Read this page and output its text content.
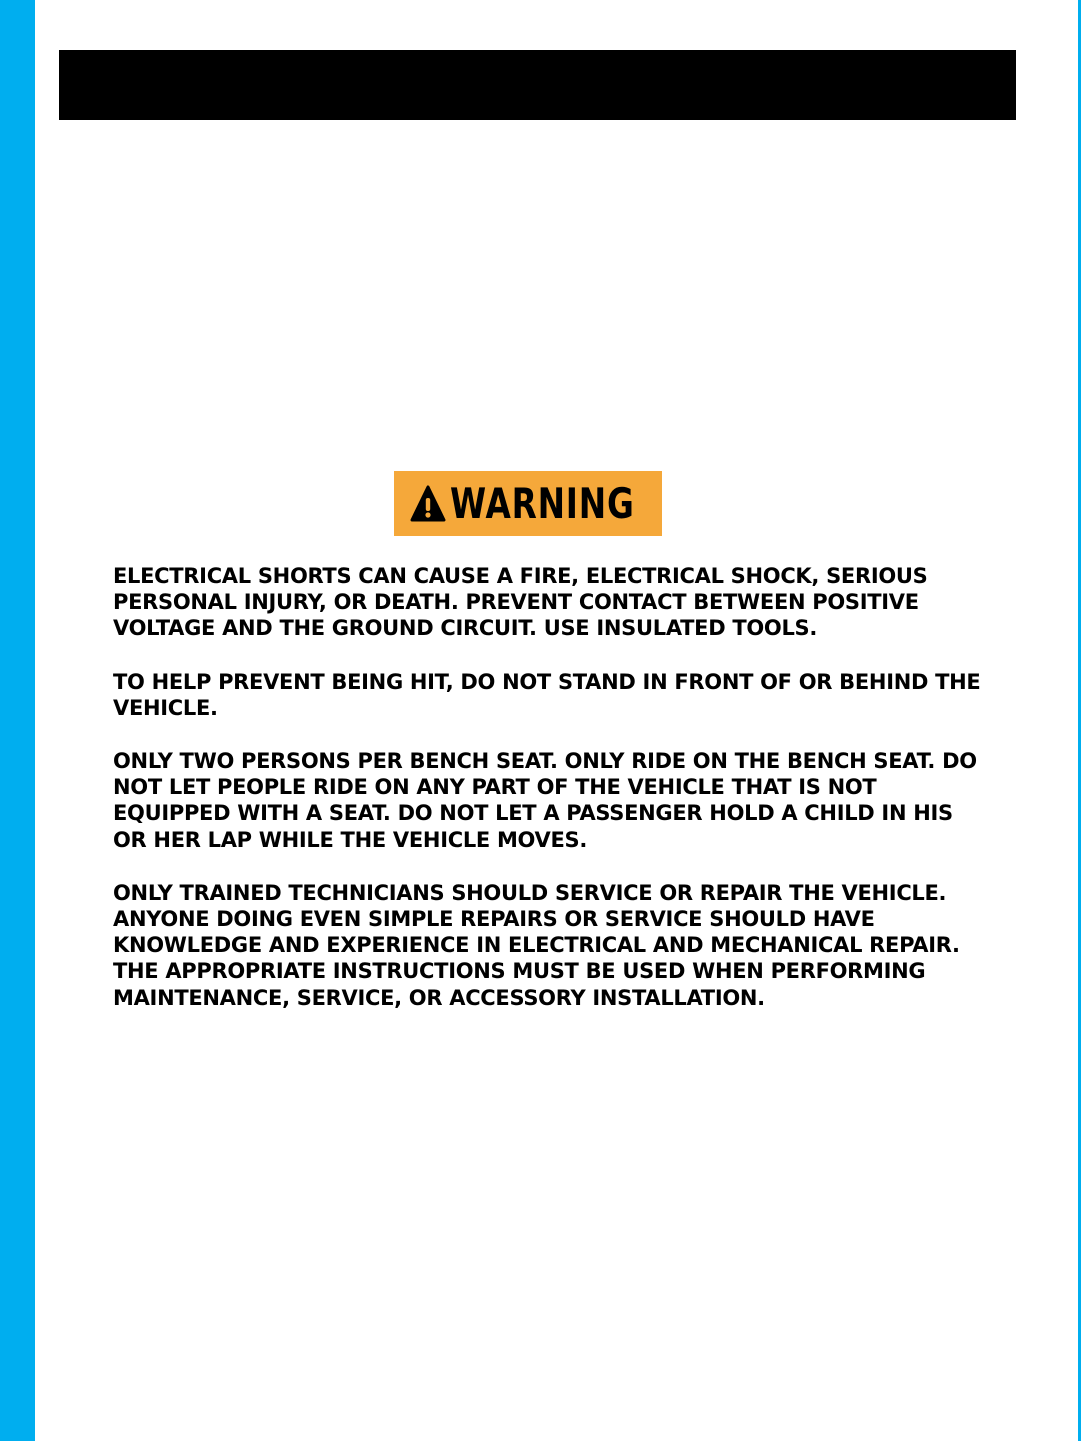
WARNING

ELECTRICAL SHORTS CAN CAUSE A FIRE, ELECTRICAL SHOCK, SERIOUS PERSONAL INJURY, OR DEATH. PREVENT CONTACT BETWEEN POSITIVE VOLTAGE AND THE GROUND CIRCUIT. USE INSULATED TOOLS.

TO HELP PREVENT BEING HIT, DO NOT STAND IN FRONT OF OR BEHIND THE VEHICLE.

ONLY TWO PERSONS PER BENCH SEAT. ONLY RIDE ON THE BENCH SEAT. DO NOT LET PEOPLE RIDE ON ANY PART OF THE VEHICLE THAT IS NOT EQUIPPED WITH A SEAT. DO NOT LET A PASSENGER HOLD A CHILD IN HIS OR HER LAP WHILE THE VEHICLE MOVES.

ONLY TRAINED TECHNICIANS SHOULD SERVICE OR REPAIR THE VEHICLE. ANYONE DOING EVEN SIMPLE REPAIRS OR SERVICE SHOULD HAVE KNOWLEDGE AND EXPERIENCE IN ELECTRICAL AND MECHANICAL REPAIR. THE APPROPRIATE INSTRUCTIONS MUST BE USED WHEN PERFORMING MAINTENANCE, SERVICE, OR ACCESSORY INSTALLATION.
